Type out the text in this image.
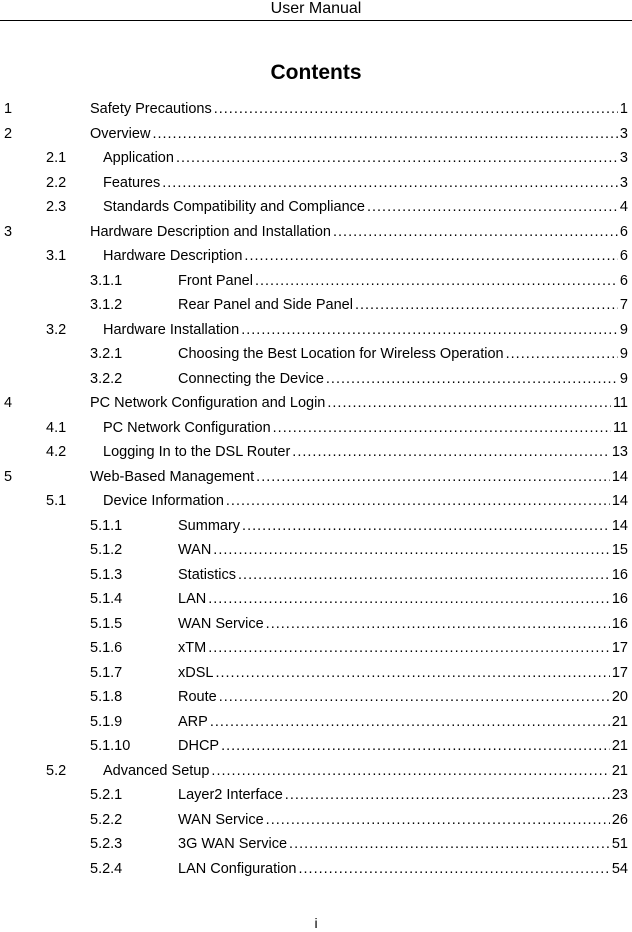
User Manual
Contents
1	Safety Precautions .....	1
2	Overview .....	3
2.1	Application .....	3
2.2	Features .....	3
2.3	Standards Compatibility and Compliance .....	4
3	Hardware Description and Installation .....	6
3.1	Hardware Description .....	6
3.1.1	Front Panel .....	6
3.1.2	Rear Panel and Side Panel .....	7
3.2	Hardware Installation .....	9
3.2.1	Choosing the Best Location for Wireless Operation .....	9
3.2.2	Connecting the Device .....	9
4	PC Network Configuration and Login .....	11
4.1	PC Network Configuration .....	11
4.2	Logging In to the DSL Router .....	13
5	Web-Based Management .....	14
5.1	Device Information .....	14
5.1.1	Summary .....	14
5.1.2	WAN .....	15
5.1.3	Statistics .....	16
5.1.4	LAN .....	16
5.1.5	WAN Service .....	16
5.1.6	xTM .....	17
5.1.7	xDSL .....	17
5.1.8	Route .....	20
5.1.9	ARP .....	21
5.1.10	DHCP .....	21
5.2	Advanced Setup .....	21
5.2.1	Layer2 Interface .....	23
5.2.2	WAN Service .....	26
5.2.3	3G WAN Service .....	51
5.2.4	LAN Configuration .....	54
i
